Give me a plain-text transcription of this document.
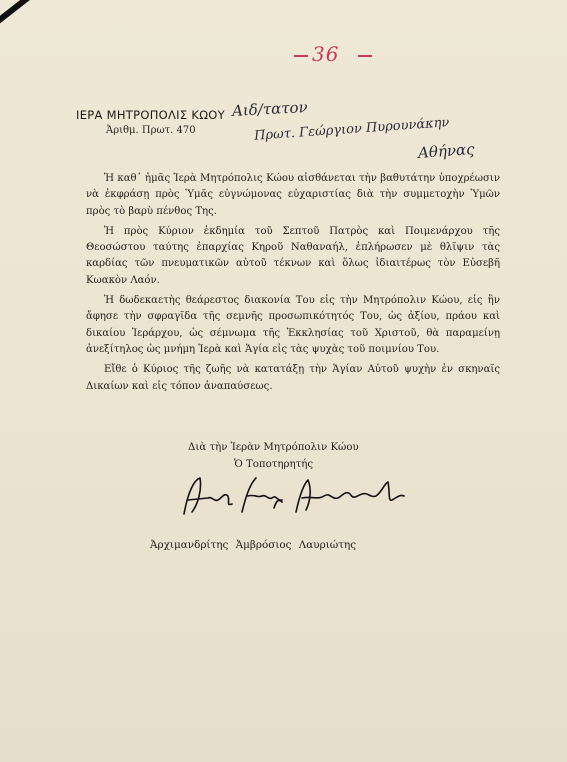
36
Αιδ/τατον
Πρωτ. Γεώργιον Πυρουνάκην
Αθήνας
ΙΕΡΑ ΜΗΤΡΟΠΟΛΙΣ ΚΩΟΥ
Ἀριθμ. Πρωτ. 470

Ἡ καθ᾿ ἡμᾶς Ἱερὰ Μητρόπολις Κώου αἰσθάνεται τὴν βαθυτάτην ὑποχρέωσιν νὰ ἐκφράσῃ πρὸς Ὑμᾶς εὐγνώμονας εὐχαριστίας διὰ τὴν συμμετοχὴν Ὑμῶν πρὸς τὸ βαρὺ πένθος Της.

Ἡ πρὸς Κύριον ἐκδημία τοῦ Σεπτοῦ Πατρὸς καὶ Ποιμενάρχου τῆς Θεοσώστου ταύτης ἐπαρχίας Κηροῦ Ναθαναήλ, ἐπλήρωσεν μὲ θλῖψιν τὰς καρδίας τῶν πνευματικῶν αὐτοῦ τέκνων καὶ ὅλως ἰδιαιτέρως τὸν Εὐσεβῆ Κωακὸν Λαόν.

Ἡ δωδεκαετὴς θεάρεστος διακονία Του εἰς τὴν Μητρόπολιν Κώου, εἰς ἣν ἄφησε τὴν σφραγῖδα τῆς σεμνῆς προσωπικότητός Του, ὡς ἀξίου, πράου καὶ δικαίου Ἱεράρχου, ὡς σέμνωμα τῆς Ἐκκλησίας τοῦ Χριστοῦ, θὰ παραμείνῃ ἀνεξίτηλος ὡς μνήμη Ἱερὰ καὶ Ἁγία εἰς τὰς ψυχὰς τοῦ ποιμνίου Του.

Εἴθε ὁ Κύριος τῆς ζωῆς νὰ κατατάξῃ τὴν Ἁγίαν Αὐτοῦ ψυχὴν ἐν σκηναῖς Δικαίων καὶ εἰς τόπον ἀναπαύσεως.

Διὰ τὴν Ἱερὰν Μητρόπολιν Κώου
Ὁ Τοποτηρητής
Ἀρχιμανδρίτης Ἀμβρόσιος Λαυριώτης
